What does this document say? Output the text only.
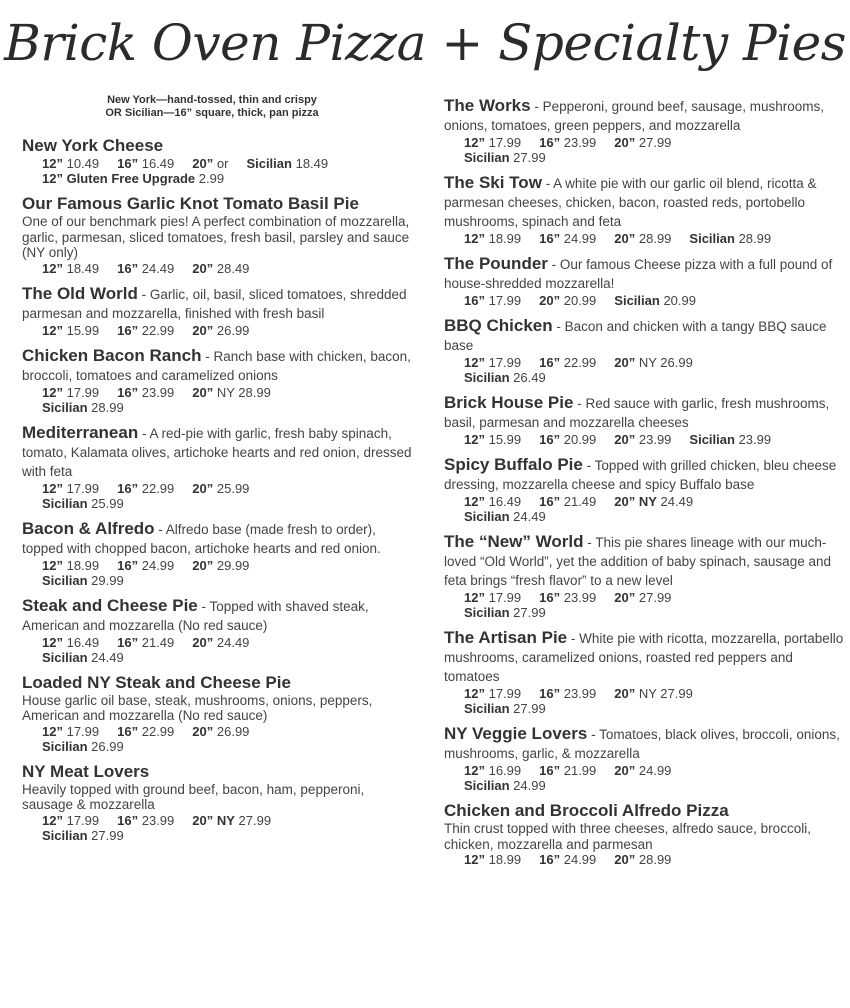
Brick Oven Pizza + Specialty Pies
New York—hand-tossed, thin and crispy
OR Sicilian—16” square, thick, pan pizza
New York Cheese
12” 10.49 16” 16.49 20” or Sicilian 18.49
12” Gluten Free Upgrade 2.99
Our Famous Garlic Knot Tomato Basil Pie
One of our benchmark pies! A perfect combination of mozzarella, garlic, parmesan, sliced tomatoes, fresh basil, parsley and sauce (NY only)
12” 18.49 16” 24.49 20” 28.49
The Old World - Garlic, oil, basil, sliced tomatoes, shredded parmesan and mozzarella, finished with fresh basil
12” 15.99 16” 22.99 20” 26.99
Chicken Bacon Ranch - Ranch base with chicken, bacon, broccoli, tomatoes and caramelized onions
12” 17.99 16” 23.99 20” NY 28.99
Sicilian 28.99
Mediterranean - A red-pie with garlic, fresh baby spinach, tomato, Kalamata olives, artichoke hearts and red onion, dressed with feta
12” 17.99 16” 22.99 20” 25.99
Sicilian 25.99
Bacon & Alfredo - Alfredo base (made fresh to order), topped with chopped bacon, artichoke hearts and red onion.
12” 18.99 16” 24.99 20” 29.99
Sicilian 29.99
Steak and Cheese Pie - Topped with shaved steak, American and mozzarella (No red sauce)
12” 16.49 16” 21.49 20” 24.49
Sicilian 24.49
Loaded NY Steak and Cheese Pie
House garlic oil base, steak, mushrooms, onions, peppers, American and mozzarella (No red sauce)
12” 17.99 16” 22.99 20” 26.99
Sicilian 26.99
NY Meat Lovers
Heavily topped with ground beef, bacon, ham, pepperoni, sausage & mozzarella
12” 17.99 16” 23.99 20” NY 27.99
Sicilian 27.99
The Works - Pepperoni, ground beef, sausage, mushrooms, onions, tomatoes, green peppers, and mozzarella
12” 17.99 16” 23.99 20” 27.99
Sicilian 27.99
The Ski Tow - A white pie with our garlic oil blend, ricotta & parmesan cheeses, chicken, bacon, roasted reds, portobello mushrooms, spinach and feta
12” 18.99 16” 24.99 20” 28.99 Sicilian 28.99
The Pounder - Our famous Cheese pizza with a full pound of house-shredded mozzarella!
16” 17.99 20” 20.99 Sicilian 20.99
BBQ Chicken - Bacon and chicken with a tangy BBQ sauce base
12” 17.99 16” 22.99 20” NY 26.99
Sicilian 26.49
Brick House Pie - Red sauce with garlic, fresh mushrooms, basil, parmesan and mozzarella cheeses
12” 15.99 16” 20.99 20” 23.99 Sicilian 23.99
Spicy Buffalo Pie - Topped with grilled chicken, bleu cheese dressing, mozzarella cheese and spicy Buffalo base
12” 16.49 16” 21.49 20” NY 24.49
Sicilian 24.49
The “New” World - This pie shares lineage with our much-loved “Old World”, yet the addition of baby spinach, sausage and feta brings “fresh flavor” to a new level
12” 17.99 16” 23.99 20” 27.99
Sicilian 27.99
The Artisan Pie - White pie with ricotta, mozzarella, portabello mushrooms, caramelized onions, roasted red peppers and tomatoes
12” 17.99 16” 23.99 20” NY 27.99
Sicilian 27.99
NY Veggie Lovers - Tomatoes, black olives, broccoli, onions, mushrooms, garlic, & mozzarella
12” 16.99 16” 21.99 20” 24.99
Sicilian 24.99
Chicken and Broccoli Alfredo Pizza
Thin crust topped with three cheeses, alfredo sauce, broccoli, chicken, mozzarella and parmesan
12” 18.99 16” 24.99 20” 28.99
